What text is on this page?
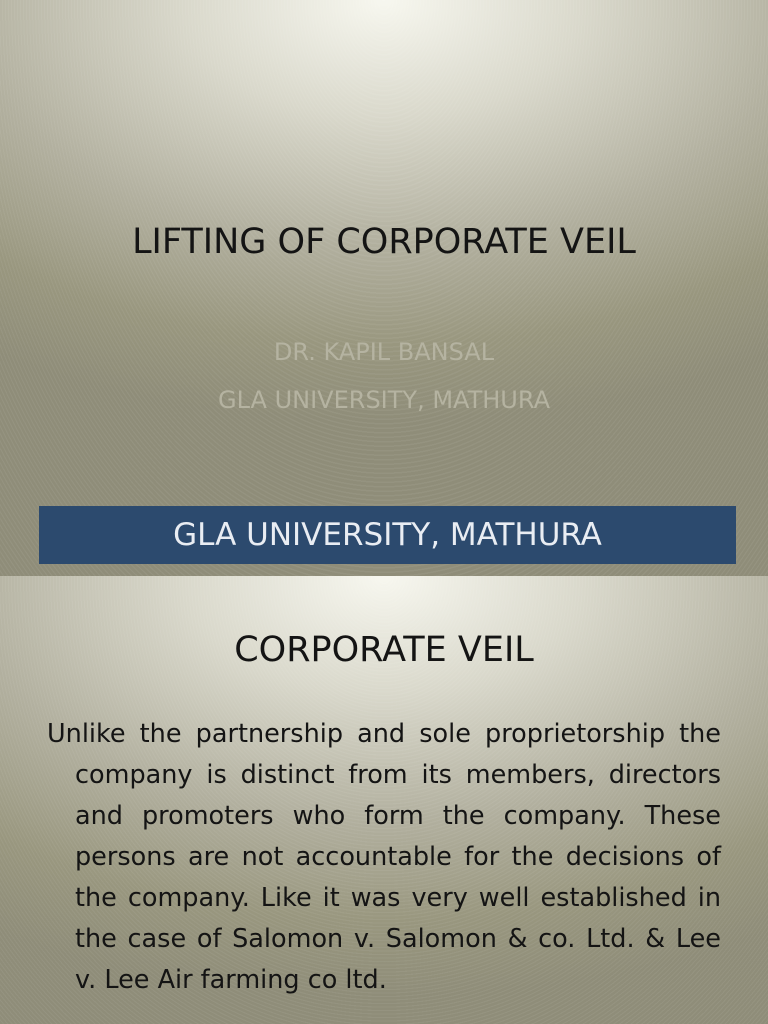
LIFTING OF CORPORATE VEIL
DR. KAPIL BANSAL
GLA UNIVERSITY, MATHURA
GLA UNIVERSITY, MATHURA
CORPORATE VEIL

Unlike the partnership and sole proprietorship the company is distinct from its members, directors and promoters who form the company. These persons are not accountable for the decisions of the company. Like it was very well established in the case of Salomon v. Salomon & co. Ltd. & Lee v. Lee Air farming co ltd.
